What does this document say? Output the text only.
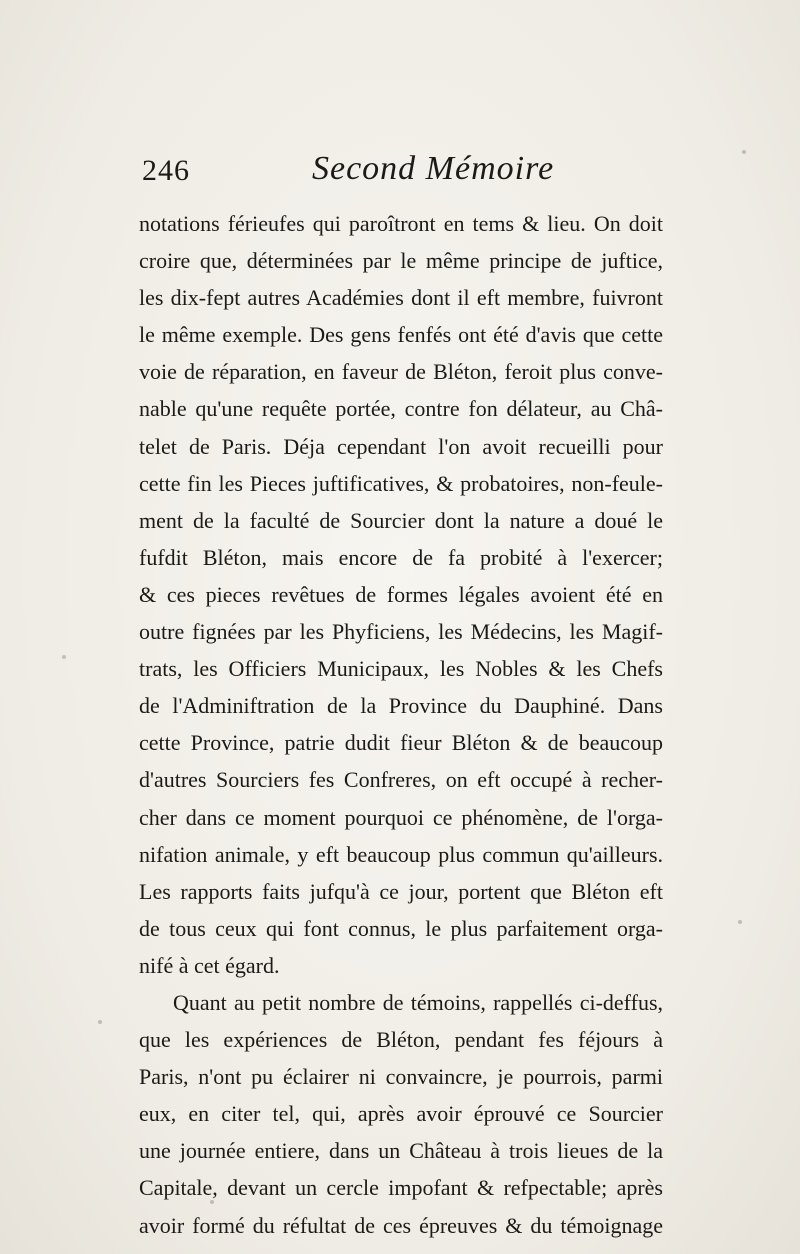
246	Second Mémoire
notations férieufes qui paroîtront en tems & lieu. On doit
croire que, déterminées par le même principe de juftice,
les dix-fept autres Académies dont il eft membre, fuivront
le même exemple. Des gens fenfés ont été d'avis que cette
voie de réparation, en faveur de Bléton, feroit plus conve-
nable qu'une requête portée, contre fon délateur, au Châ-
telet de Paris. Déja cependant l'on avoit recueilli pour
cette fin les Pieces juftificatives, & probatoires, non-feule-
ment de la faculté de Sourcier dont la nature a doué le
fufdit Bléton, mais encore de fa probité à l'exercer;
& ces pieces revêtues de formes légales avoient été en
outre fignées par les Phyficiens, les Médecins, les Magif-
trats, les Officiers Municipaux, les Nobles & les Chefs
de l'Adminiftration de la Province du Dauphiné. Dans
cette Province, patrie dudit fieur Bléton & de beaucoup
d'autres Sourciers fes Confreres, on eft occupé à recher-
cher dans ce moment pourquoi ce phénomène, de l'orga-
nifation animale, y eft beaucoup plus commun qu'ailleurs.
Les rapports faits jufqu'à ce jour, portent que Bléton eft
de tous ceux qui font connus, le plus parfaitement orga-
nifé à cet égard.
Quant au petit nombre de témoins, rappellés ci-deffus,
que les expériences de Bléton, pendant fes féjours à
Paris, n'ont pu éclairer ni convaincre, je pourrois, parmi
eux, en citer tel, qui, après avoir éprouvé ce Sourcier
une journée entiere, dans un Château à trois lieues de la
Capitale, devant un cercle impofant & refpectable; après
avoir formé du réfultat de ces épreuves & du témoignage
